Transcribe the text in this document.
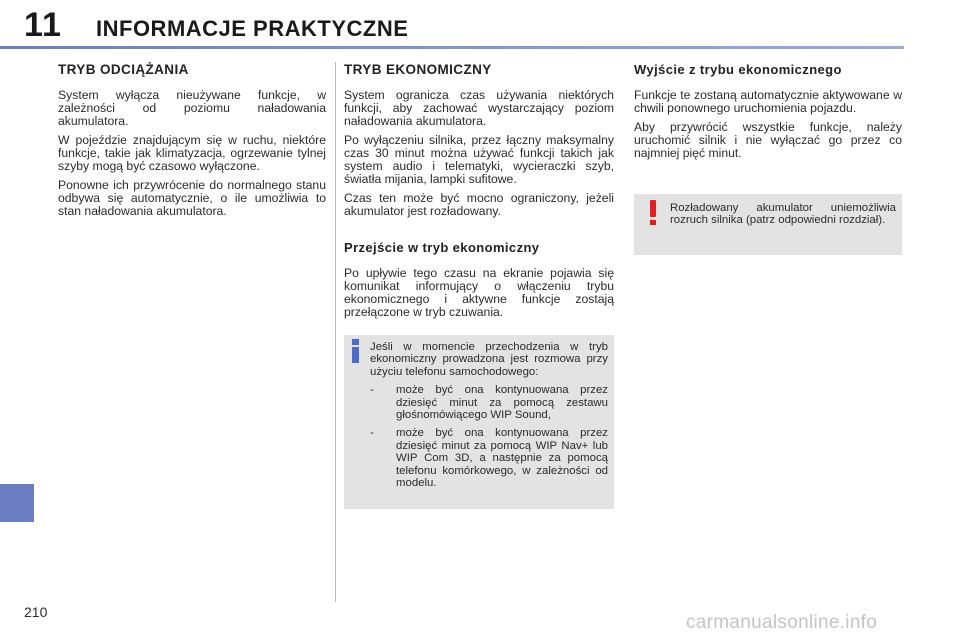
11 INFORMACJE PRAKTYCZNE
210
TRYB ODCIĄŻANIA

System wyłącza nieużywane funkcje, w zależności od poziomu naładowania akumulatora.

W pojeździe znajdującym się w ruchu, niektóre funkcje, takie jak klimatyzacja, ogrzewanie tylnej szyby mogą być czasowo wyłączone.

Ponowne ich przywrócenie do normalnego stanu odbywa się automatycznie, o ile umożliwia to stan naładowania akumulatora.

TRYB EKONOMICZNY

System ogranicza czas używania niektórych funkcji, aby zachować wystarczający poziom naładowania akumulatora.

Po wyłączeniu silnika, przez łączny maksymalny czas 30 minut można używać funkcji takich jak system audio i telematyki, wycieraczki szyb, światła mijania, lampki sufitowe.

Czas ten może być mocno ograniczony, jeżeli akumulator jest rozładowany.

Przejście w tryb ekonomiczny

Po upływie tego czasu na ekranie pojawia się komunikat informujący o włączeniu trybu ekonomicznego i aktywne funkcje zostają przełączone w tryb czuwania.

Jeśli w momencie przechodzenia w tryb ekonomiczny prowadzona jest rozmowa przy użyciu telefonu samochodowego:

-	może być ona kontynuowana przez dziesięć minut za pomocą zestawu głośnomówiącego WIP Sound,

-	może być ona kontynuowana przez dziesięć minut za pomocą WIP Nav+ lub WIP Com 3D, a następnie za pomocą telefonu komórkowego, w zależności od modelu.

Wyjście z trybu ekonomicznego

Funkcje te zostaną automatycznie aktywowane w chwili ponownego uruchomienia pojazdu.

Aby przywrócić wszystkie funkcje, należy uruchomić silnik i nie wyłączać go przez co najmniej pięć minut.

Rozładowany akumulator uniemożliwia rozruch silnika (patrz odpowiedni rozdział).

carmanualsonline.info
